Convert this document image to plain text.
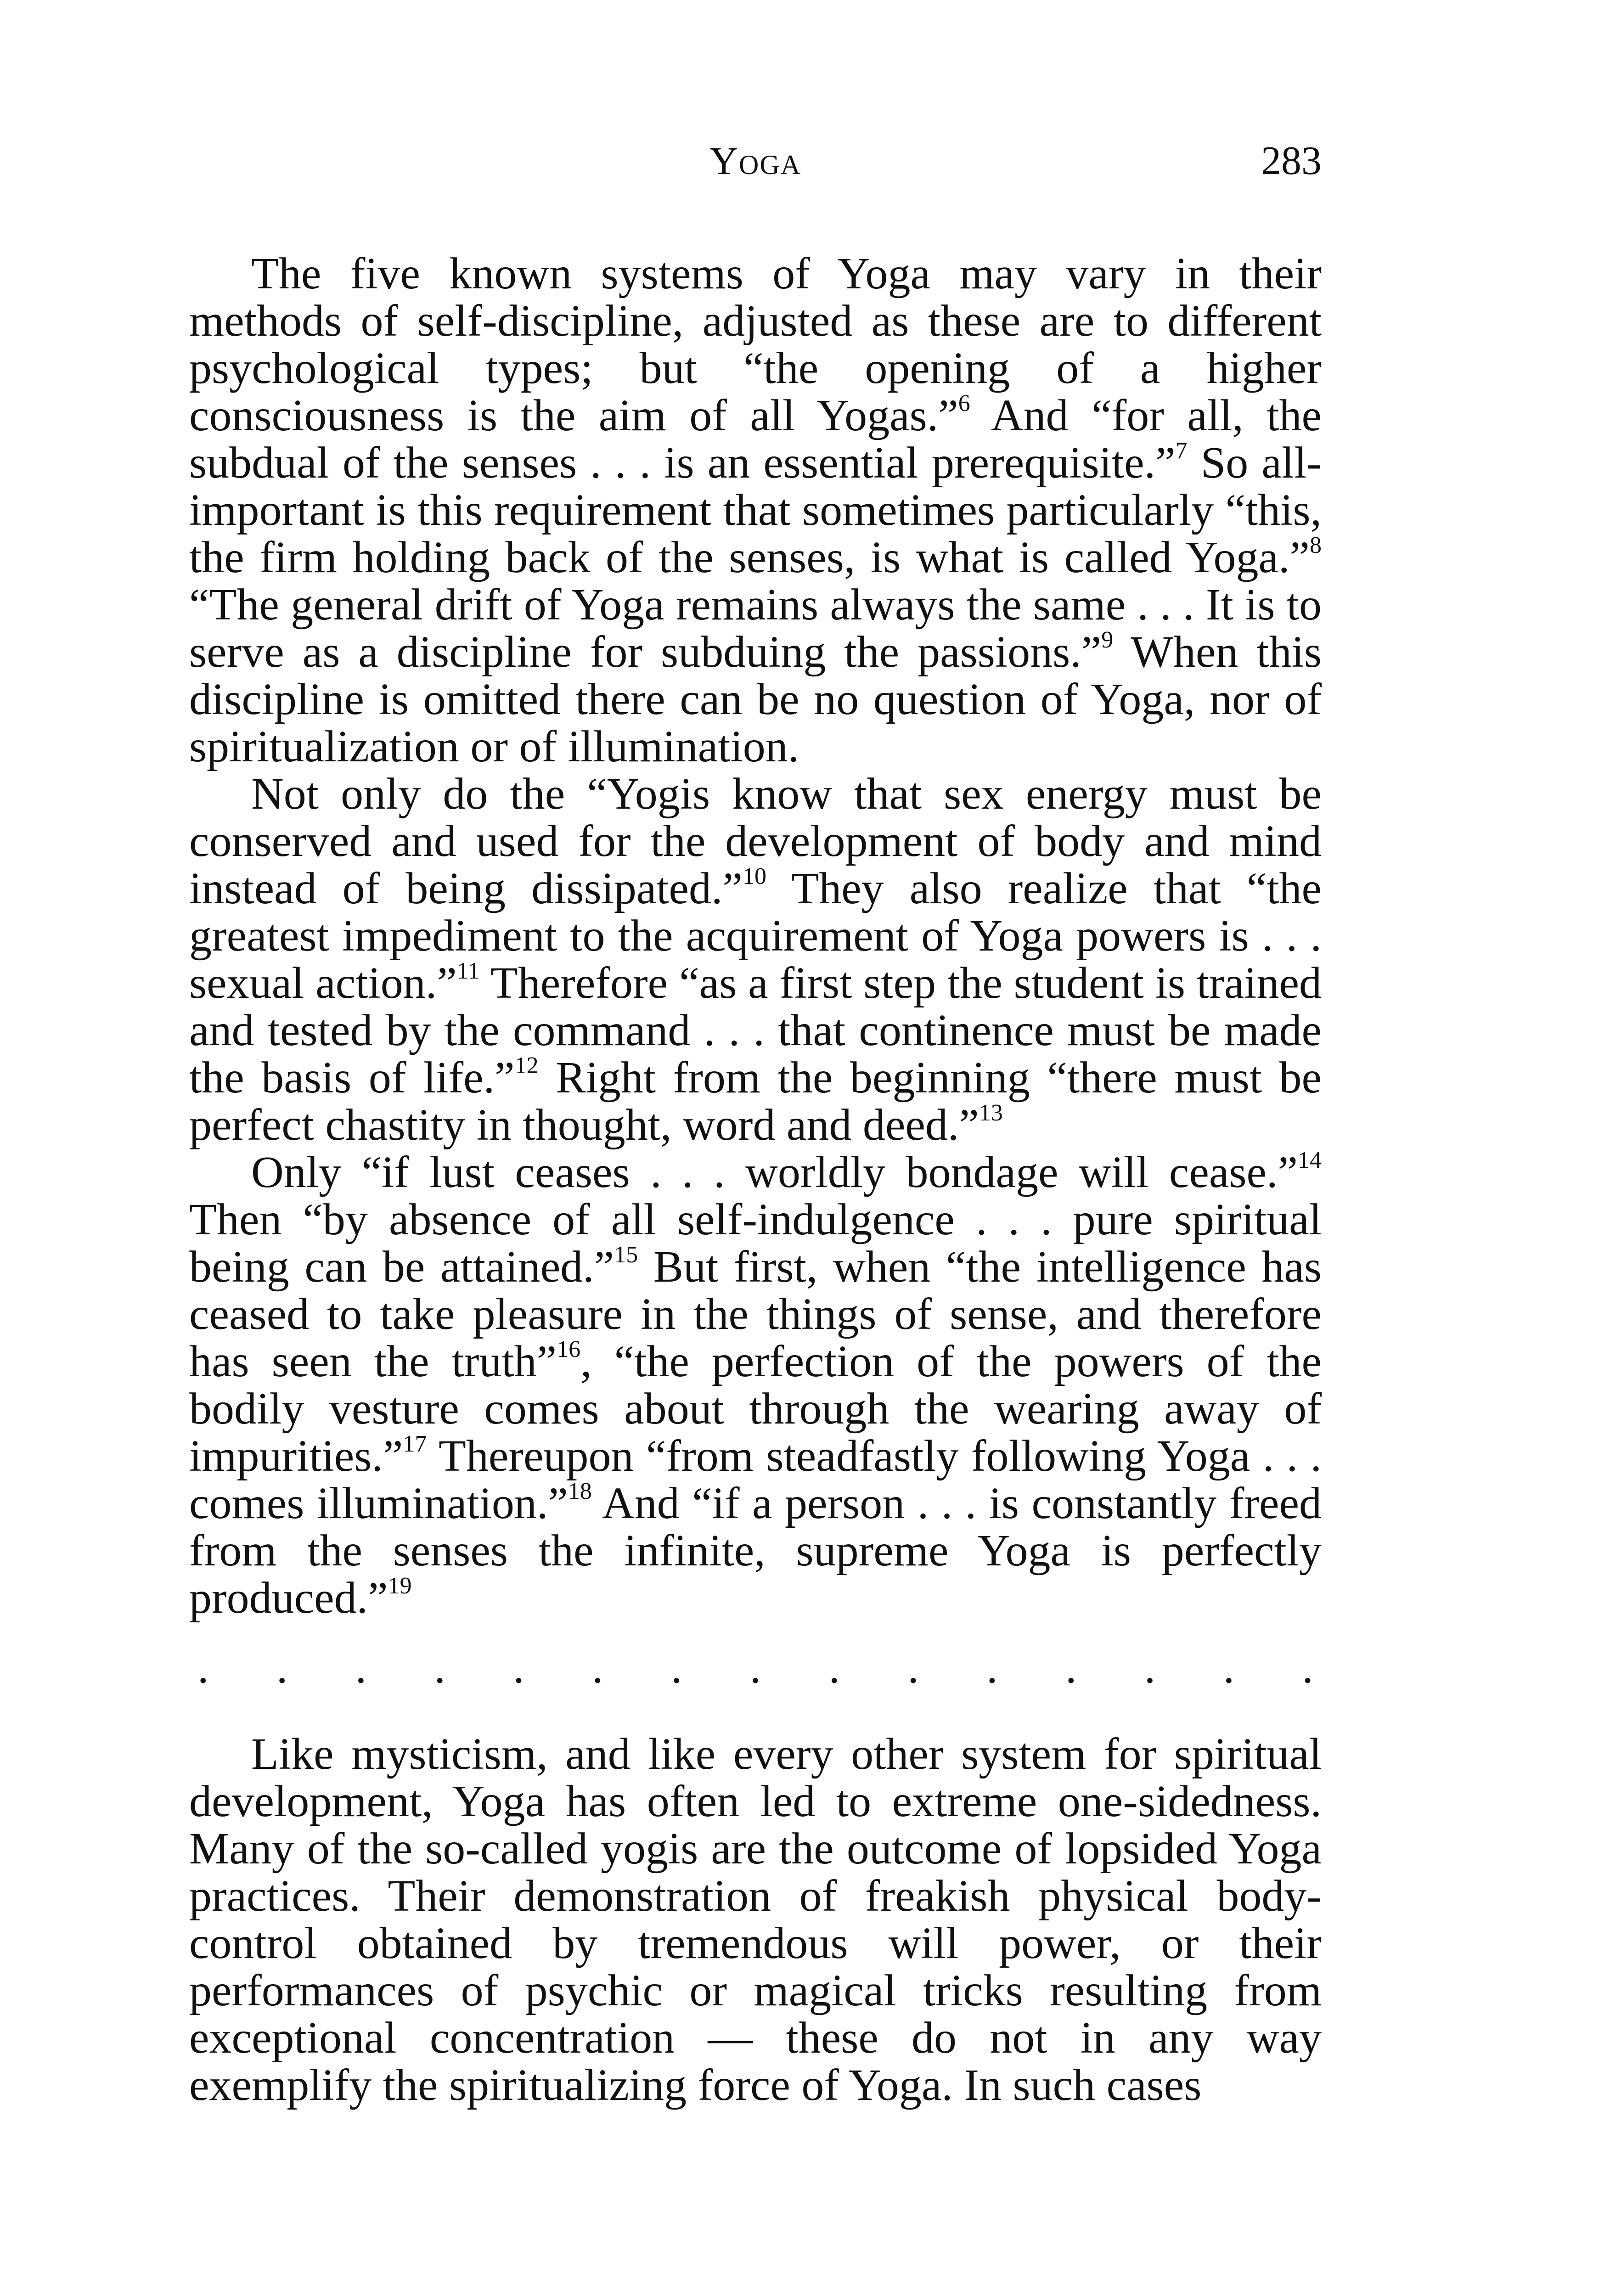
Yoga	283

The five known systems of Yoga may vary in their methods of self-discipline, adjusted as these are to different psychological types; but “the opening of a higher consciousness is the aim of all Yogas.”$^6$ And “for all, the subdual of the senses . . . is an essential prerequisite.”$^7$ So all-important is this requirement that sometimes particularly “this, the firm holding back of the senses, is what is called Yoga.”$^8$ “The general drift of Yoga remains always the same . . . It is to serve as a discipline for subduing the passions.”$^9$ When this discipline is omitted there can be no question of Yoga, nor of spiritualization or of illumination.

Not only do the “Yogis know that sex energy must be conserved and used for the development of body and mind instead of being dissipated.”$^{10}$ They also realize that “the greatest impediment to the acquirement of Yoga powers is . . . sexual action.”$^{11}$ Therefore “as a first step the student is trained and tested by the command . . . that continence must be made the basis of life.”$^{12}$ Right from the beginning “there must be perfect chastity in thought, word and deed.”$^{13}$

Only “if lust ceases . . . worldly bondage will cease.”$^{14}$ Then “by absence of all self-indulgence . . . pure spiritual being can be attained.”$^{15}$ But first, when “the intelligence has ceased to take pleasure in the things of sense, and therefore has seen the truth”$^{16}$, “the perfection of the powers of the bodily vesture comes about through the wearing away of impurities.”$^{17}$ Thereupon “from steadfastly following Yoga . . . comes illumination.”$^{18}$ And “if a person . . . is constantly freed from the senses the infinite, supreme Yoga is perfectly produced.”$^{19}$

. . . . . . . . . . . . . . .

Like mysticism, and like every other system for spiritual development, Yoga has often led to extreme one-sidedness. Many of the so-called yogis are the outcome of lopsided Yoga practices. Their demonstration of freakish physical body-control obtained by tremendous will power, or their performances of psychic or magical tricks resulting from exceptional concentration — these do not in any way exemplify the spiritualizing force of Yoga. In such cases
